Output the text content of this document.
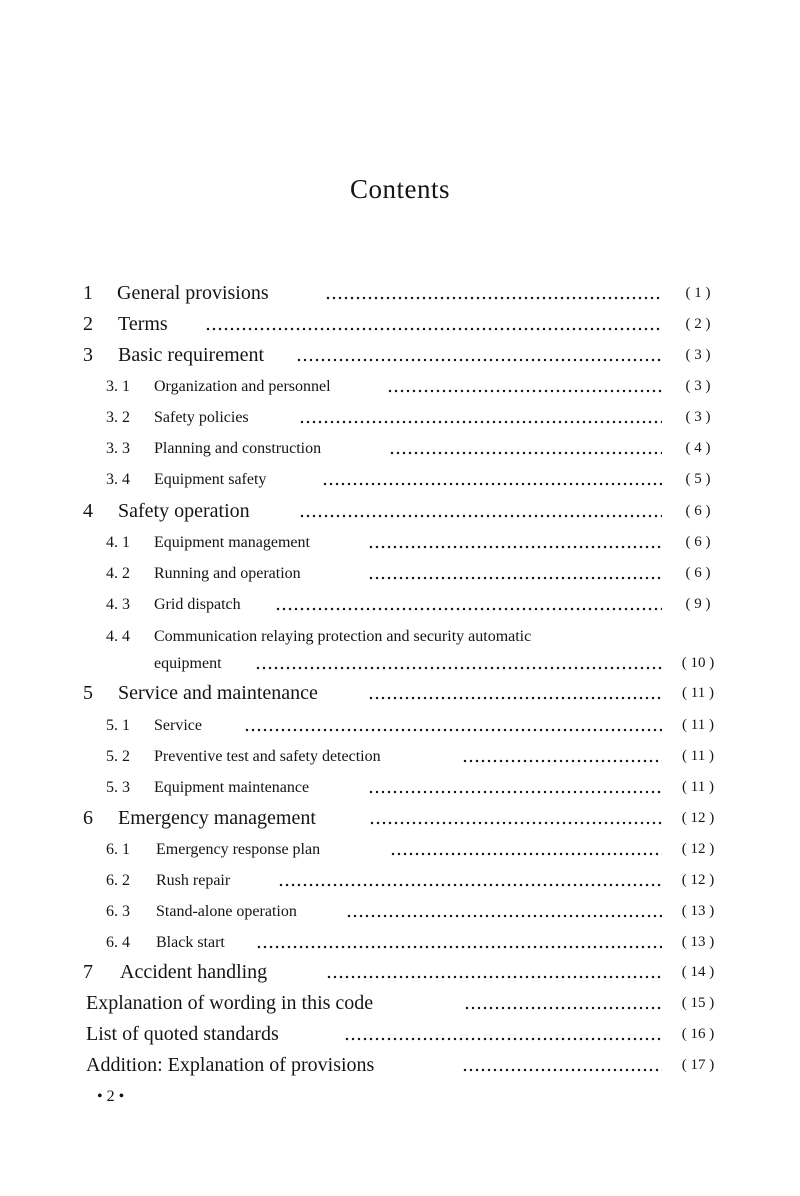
Contents
1 General provisions	( 1 )
2 Terms	( 2 )
3 Basic requirement	( 3 )
3. 1 Organization and personnel	( 3 )
3. 2 Safety policies	( 3 )
3. 3 Planning and construction	( 4 )
3. 4 Equipment safety	( 5 )
4 Safety operation	( 6 )
4. 1 Equipment management	( 6 )
4. 2 Running and operation	( 6 )
4. 3 Grid dispatch	( 9 )
4. 4 Communication relaying protection and security automatic
equipment	( 10 )
5 Service and maintenance	( 11 )
5. 1 Service	( 11 )
5. 2 Preventive test and safety detection	( 11 )
5. 3 Equipment maintenance	( 11 )
6 Emergency management	( 12 )
6. 1 Emergency response plan	( 12 )
6. 2 Rush repair	( 12 )
6. 3 Stand-alone operation	( 13 )
6. 4 Black start	( 13 )
7 Accident handling	( 14 )
Explanation of wording in this code	( 15 )
List of quoted standards	( 16 )
Addition: Explanation of provisions	( 17 )
• 2 •
